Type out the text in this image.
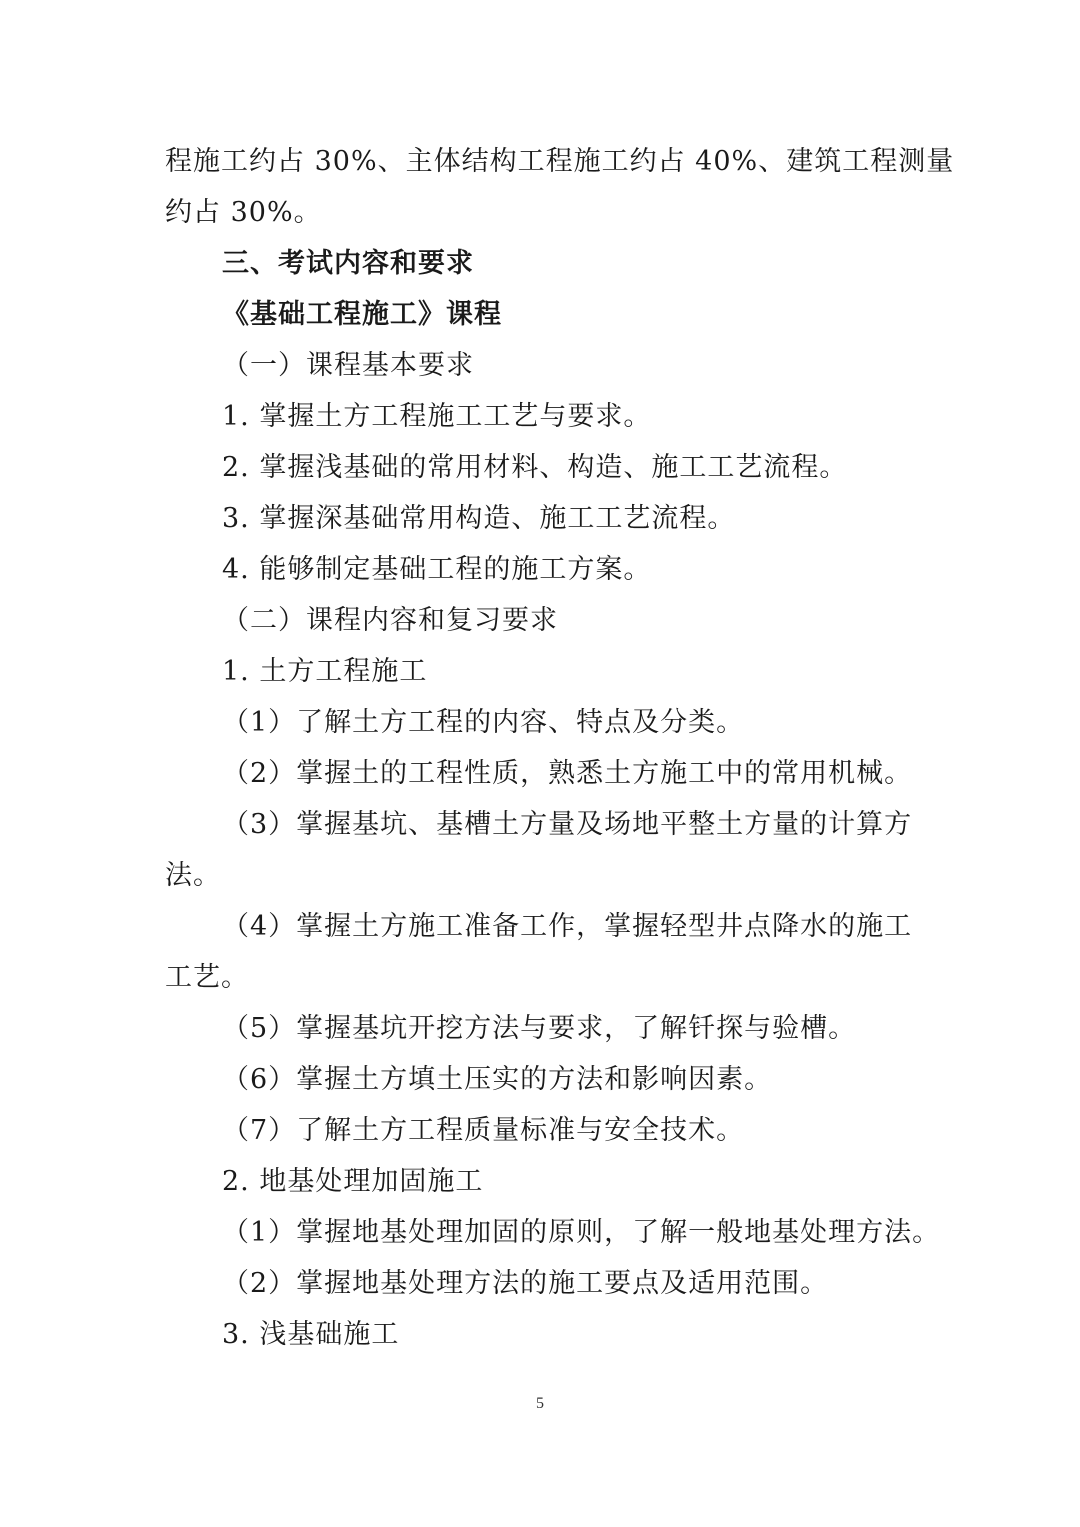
程施工约占 30%、主体结构工程施工约占 40%、建筑工程测量
约占 30%。
三、考试内容和要求
《基础工程施工》课程
（一）课程基本要求
1. 掌握土方工程施工工艺与要求。
2. 掌握浅基础的常用材料、构造、施工工艺流程。
3. 掌握深基础常用构造、施工工艺流程。
4. 能够制定基础工程的施工方案。
（二）课程内容和复习要求
1. 土方工程施工
（1）了解土方工程的内容、特点及分类。
（2）掌握土的工程性质，熟悉土方施工中的常用机械。
（3）掌握基坑、基槽土方量及场地平整土方量的计算方
法。
（4）掌握土方施工准备工作，掌握轻型井点降水的施工
工艺。
（5）掌握基坑开挖方法与要求，了解钎探与验槽。
（6）掌握土方填土压实的方法和影响因素。
（7）了解土方工程质量标准与安全技术。
2. 地基处理加固施工
（1）掌握地基处理加固的原则，了解一般地基处理方法。
（2）掌握地基处理方法的施工要点及适用范围。
3. 浅基础施工
5
